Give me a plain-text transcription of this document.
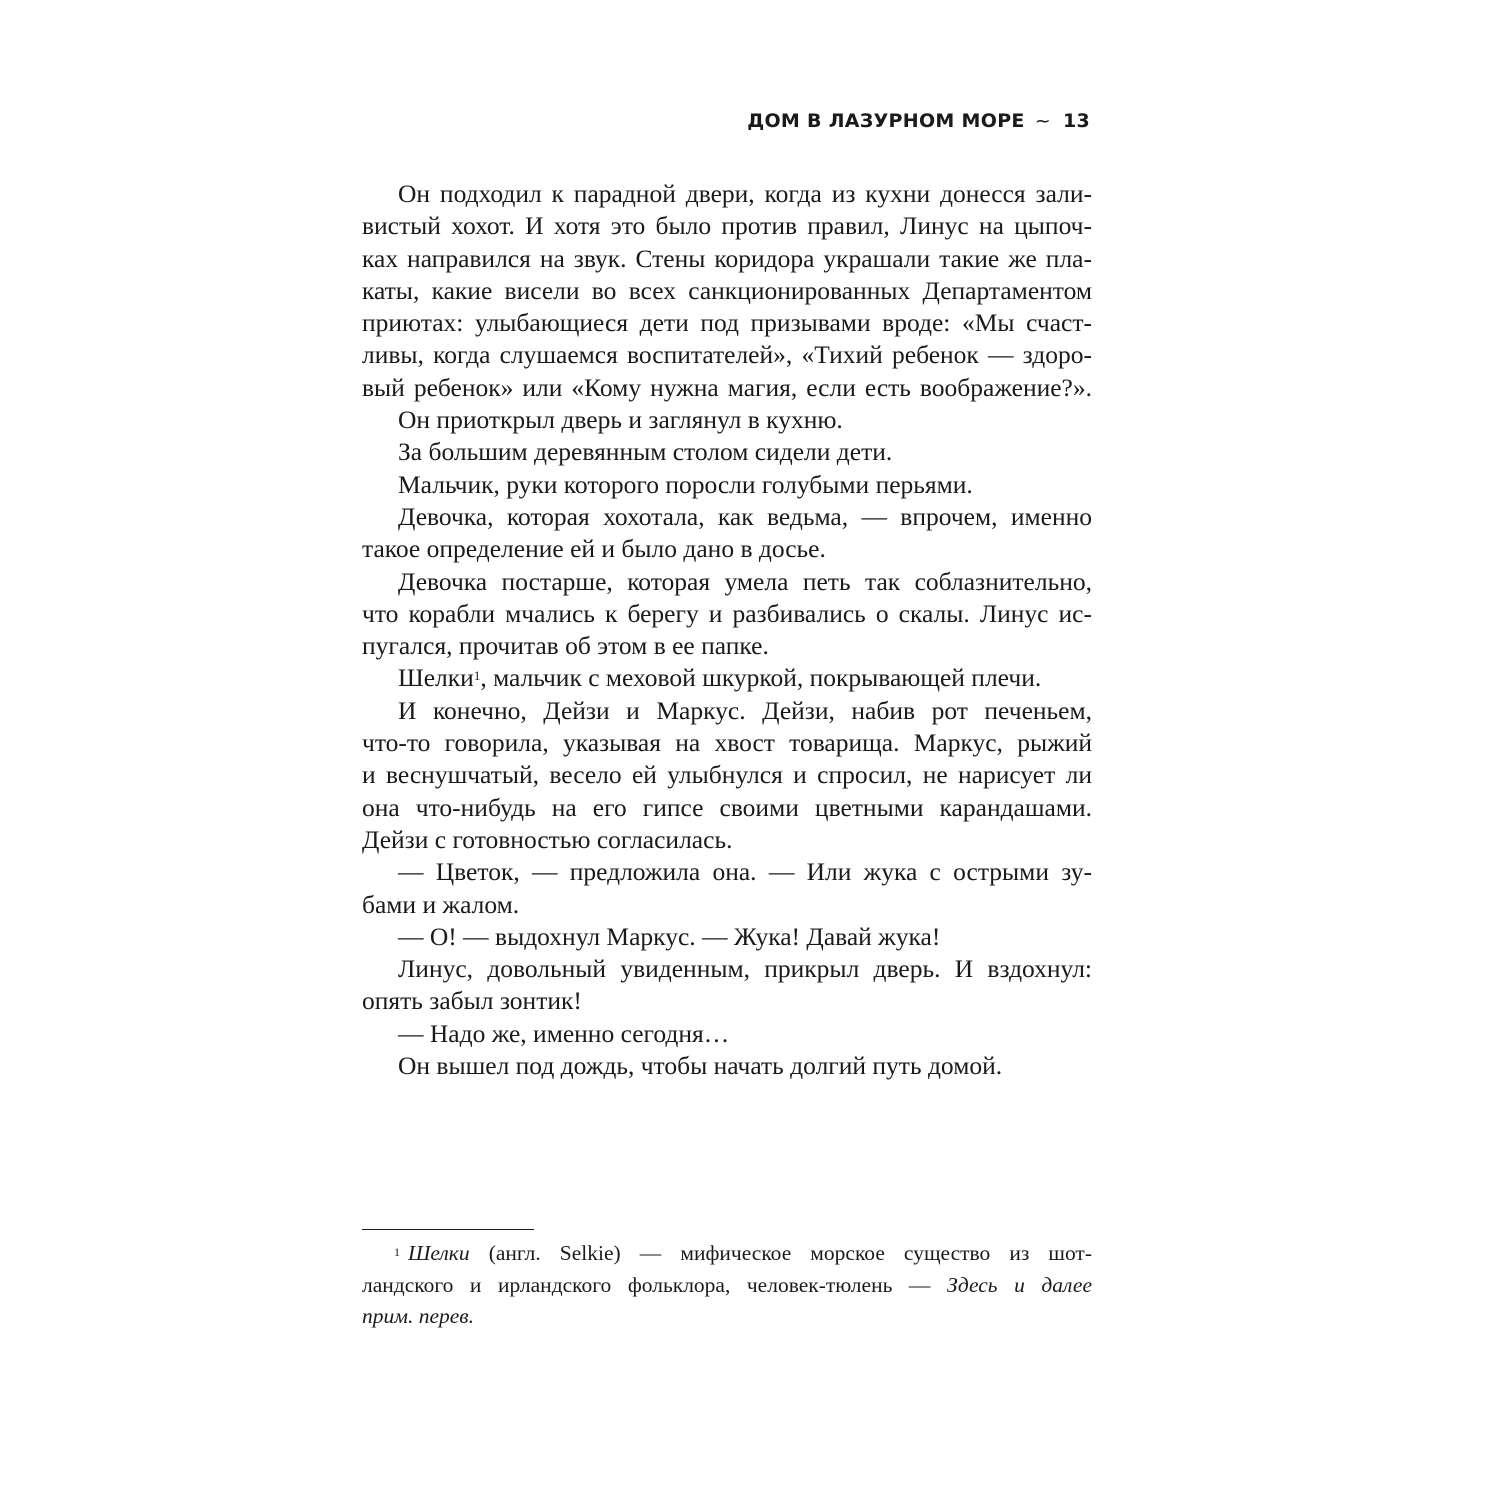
ДОМ В ЛАЗУРНОМ МОРЕ ~ 13
Он подходил к парадной двери, когда из кухни донесся зали-
вистый хохот. И хотя это было против правил, Линус на цыпоч-
ках направился на звук. Стены коридора украшали такие же пла-
каты, какие висели во всех санкционированных Департаментом
приютах: улыбающиеся дети под призывами вроде: «Мы счаст-
ливы, когда слушаемся воспитателей», «Тихий ребенок — здоро-
вый ребенок» или «Кому нужна магия, если есть воображение?».
Он приоткрыл дверь и заглянул в кухню.
За большим деревянным столом сидели дети.
Мальчик, руки которого поросли голубыми перьями.
Девочка, которая хохотала, как ведьма, — впрочем, именно
такое определение ей и было дано в досье.
Девочка постарше, которая умела петь так соблазнительно,
что корабли мчались к берегу и разбивались о скалы. Линус ис-
пугался, прочитав об этом в ее папке.
Шелки$^1$, мальчик с меховой шкуркой, покрывающей плечи.
И конечно, Дейзи и Маркус. Дейзи, набив рот печеньем,
что-то говорила, указывая на хвост товарища. Маркус, рыжий
и веснушчатый, весело ей улыбнулся и спросил, не нарисует ли
она что-нибудь на его гипсе своими цветными карандашами.
Дейзи с готовностью согласилась.
— Цветок, — предложила она. — Или жука с острыми зу-
бами и жалом.
— О! — выдохнул Маркус. — Жука! Давай жука!
Линус, довольный увиденным, прикрыл дверь. И вздохнул:
опять забыл зонтик!
— Надо же, именно сегодня…
Он вышел под дождь, чтобы начать долгий путь домой.
$^1$ Шелки (англ. Selkie) — мифическое морское существо из шот-
ландского и ирландского фольклора, человек-тюлень — Здесь и далее
прим. перев.
